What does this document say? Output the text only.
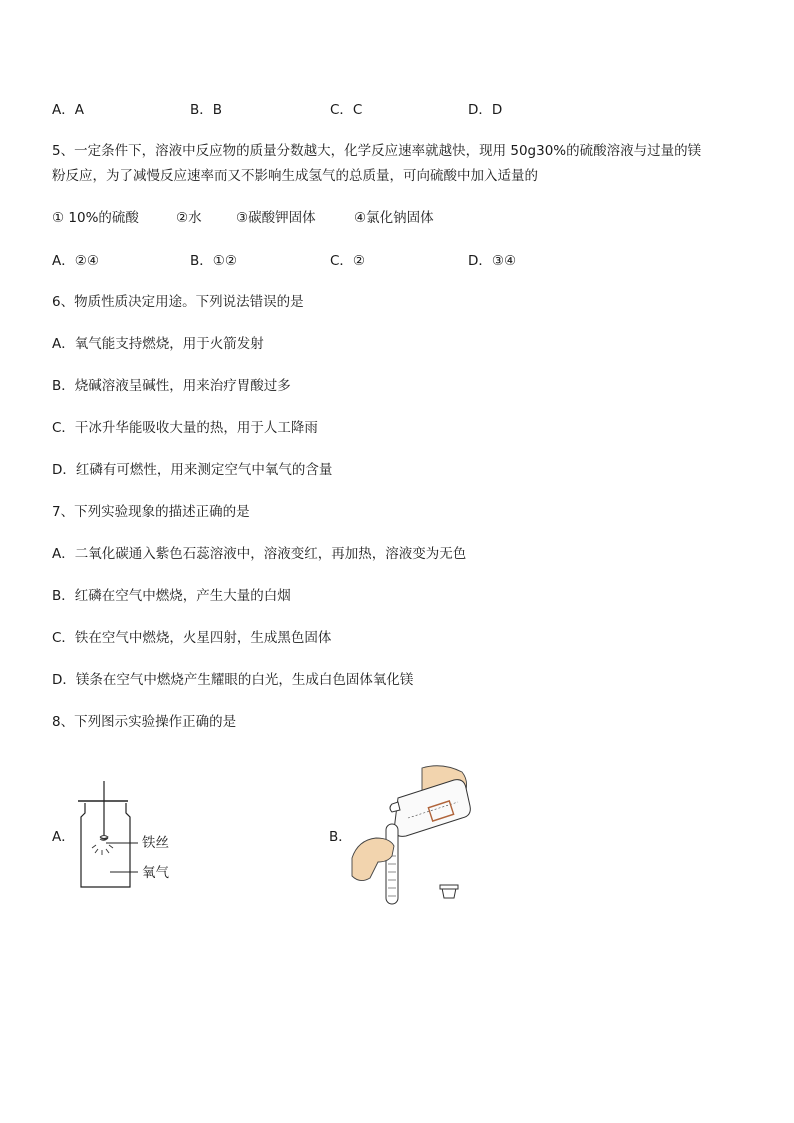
A．A	B．B	C．C	D．D
5、一定条件下，溶液中反应物的质量分数越大，化学反应速率就越快，现用 50g30%的硫酸溶液与过量的镁
粉反应，为了减慢反应速率而又不影响生成氢气的总质量，可向硫酸中加入适量的
① 10%的硫酸	②水	③碳酸钾固体	④氯化钠固体
A．②④	B．①②	C．②	D．③④
6、物质性质决定用途。下列说法错误的是
A．氧气能支持燃烧，用于火箭发射
B．烧碱溶液呈碱性，用来治疗胃酸过多
C．干冰升华能吸收大量的热，用于人工降雨
D．红磷有可燃性，用来测定空气中氧气的含量
7、下列实验现象的描述正确的是
A．二氧化碳通入紫色石蕊溶液中，溶液变红，再加热，溶液变为无色
B．红磷在空气中燃烧，产生大量的白烟
C．铁在空气中燃烧，火星四射，生成黑色固体
D．镁条在空气中燃烧产生耀眼的白光，生成白色固体氧化镁
8、下列图示实验操作正确的是
A．	铁丝
氧气
B．
